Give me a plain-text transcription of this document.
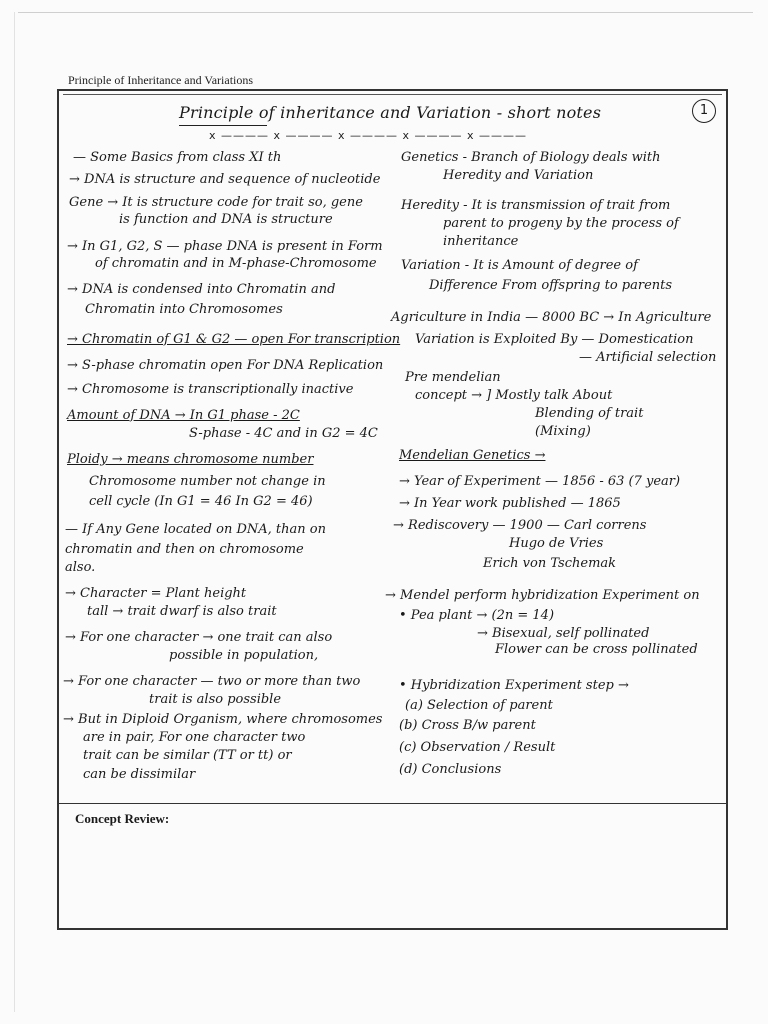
Principle of Inheritance and Variations
1
Principle of inheritance and Variation - short notes
x ———— x ———— x ———— x ———— x ————
— Some Basics from class XI th
→ DNA is structure and sequence of nucleotide
Gene → It is structure code for trait so, gene
is function and DNA is structure
→ In G1, G2, S — phase DNA is present in Form
of chromatin and in M-phase-Chromosome
→ DNA is condensed into Chromatin and
Chromatin into Chromosomes
→ Chromatin of G1 & G2 — open For transcription
→ S-phase chromatin open For DNA Replication
→ Chromosome is transcriptionally inactive
Amount of DNA → In G1 phase - 2C
S-phase - 4C and in G2 = 4C
Ploidy → means chromosome number
Chromosome number not change in
cell cycle (In G1 = 46 In G2 = 46)
— If Any Gene located on DNA, than on
chromatin and then on chromosome
also.
→ Character = Plant height
tall → trait dwarf is also trait
→ For one character → one trait can also
possible in population,
→ For one character — two or more than two
trait is also possible
→ But in Diploid Organism, where chromosomes
are in pair, For one character two
trait can be similar (TT or tt) or
can be dissimilar
Genetics - Branch of Biology deals with
Heredity and Variation
Heredity - It is transmission of trait from
parent to progeny by the process of
inheritance
Variation - It is Amount of degree of
Difference From offspring to parents
Agriculture in India — 8000 BC → In Agriculture
Variation is Exploited By — Domestication
— Artificial selection
Pre mendelian
concept → ] Mostly talk About
Blending of trait
(Mixing)
Mendelian Genetics →
→ Year of Experiment — 1856 - 63 (7 year)
→ In Year work published — 1865
→ Rediscovery — 1900 — Carl correns
Hugo de Vries
Erich von Tschemak
→ Mendel perform hybridization Experiment on
• Pea plant → (2n = 14)
→ Bisexual, self pollinated
Flower can be cross pollinated
• Hybridization Experiment step →
(a) Selection of parent
(b) Cross B/w parent
(c) Observation / Result
(d) Conclusions
Concept Review:
